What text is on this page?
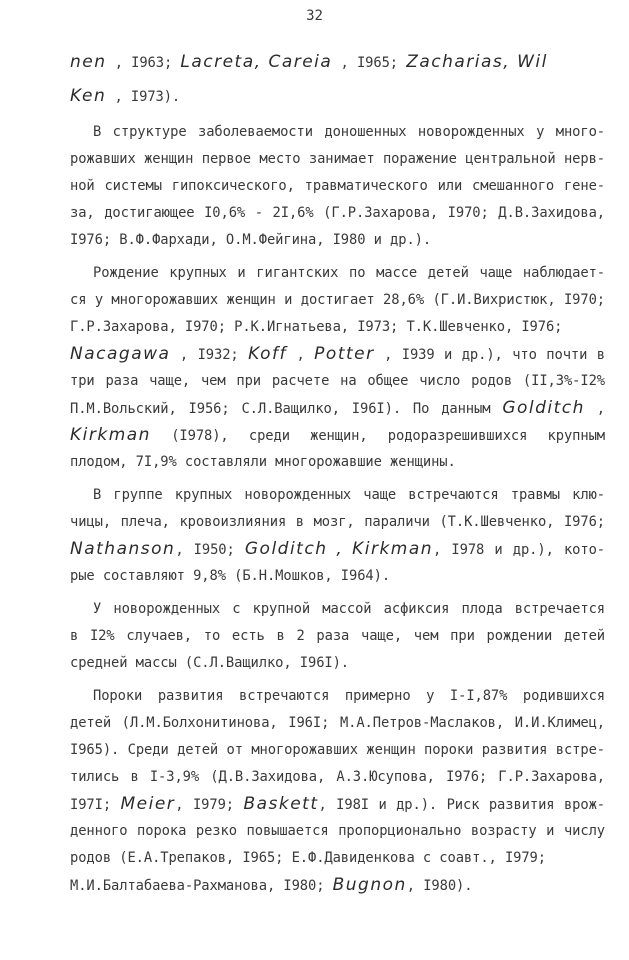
32
nen , I963; Lacreta, Careia , I965; Zacharias, Wil
Ken , I973).
В структуре заболеваемости доношенных новорожденных у много-
рожавших женщин первое место занимает поражение центральной нерв-
ной системы гипоксического, травматического или смешанного гене-
за, достигающее I0,6% - 2I,6% (Г.Р.Захарова, I970; Д.В.Захидова,
I976; В.Ф.Фархади, О.М.Фейгина, I980 и др.).
Рождение крупных и гигантских по массе детей чаще наблюдает-
ся у многорожавших женщин и достигает 28,6% (Г.И.Вихристюк, I970;
Г.Р.Захарова, I970; Р.К.Игнатьева, I973; Т.К.Шевченко, I976;
Nacagawa , I932; Koff , Potter , I939 и др.), что почти в
три раза чаще, чем при расчете на общее число родов (II,3%-I2%
П.М.Вольский, I956; С.Л.Ващилко, I96I). По данным Golditch ,
Kirkman (I978), среди женщин, родоразрешившихся крупным
плодом, 7I,9% составляли многорожавшие женщины.
В группе крупных новорожденных чаще встречаются травмы клю-
чицы, плеча, кровоизлияния в мозг, параличи (Т.К.Шевченко, I976;
Nathanson, I950; Golditch , Kirkman, I978 и др.), кото-
рые составляют 9,8% (Б.Н.Мошков, I964).
У новорожденных с крупной массой асфиксия плода встречается
в I2% случаев, то есть в 2 раза чаще, чем при рождении детей
средней массы (С.Л.Ващилко, I96I).
Пороки развития встречаются примерно у I-I,87% родившихся
детей (Л.М.Болхонитинова, I96I; М.А.Петров-Маслаков, И.И.Климец,
I965). Среди детей от многорожавших женщин пороки развития встре-
тились в I-3,9% (Д.В.Захидова, А.З.Юсупова, I976; Г.Р.Захарова,
I97I; Meier, I979; Baskett, I98I и др.). Риск развития врож-
денного порока резко повышается пропорционально возрасту и числу
родов (Е.А.Трепаков, I965; Е.Ф.Давиденкова с соавт., I979;
М.И.Балтабаева-Рахманова, I980; Bugnon, I980).
